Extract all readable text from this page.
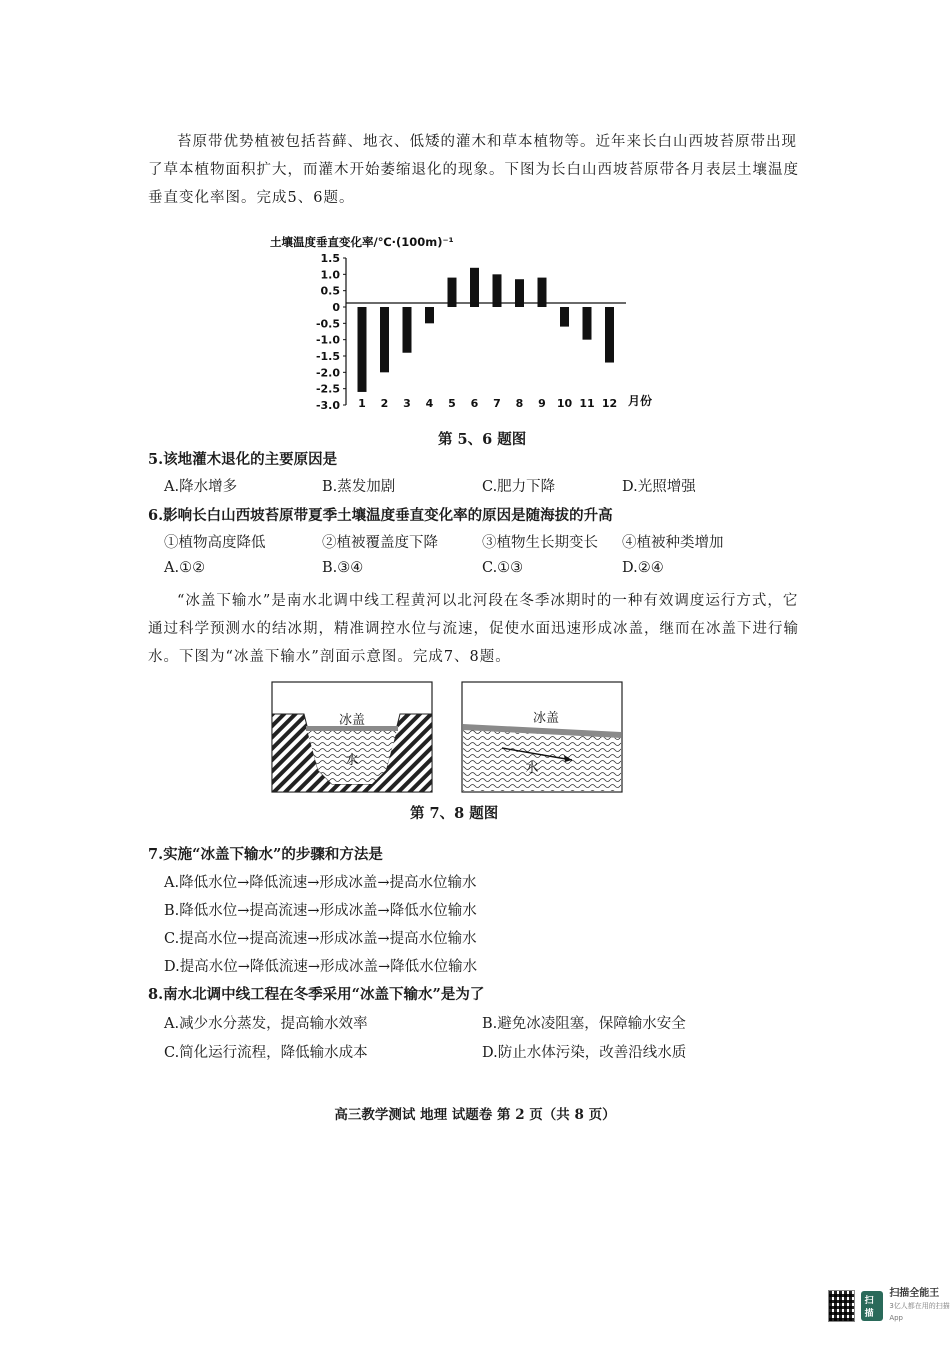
苔原带优势植被包括苔藓、地衣、低矮的灌木和草本植物等。近年来长白山西坡苔原带出现了草本植物面积扩大，而灌木开始萎缩退化的现象。下图为长白山西坡苔原带各月表层土壤温度垂直变化率图。完成5、6题。
土壤温度垂直变化率/℃·(100m)⁻¹
1.5
1.0
0.5
0
-0.5
-1.0
-1.5
-2.0
-2.5
-3.0 1 2 3 4 5 6 7 8 9 10 11 12 月份
第 5、6 题图
5.该地灌木退化的主要原因是
A.降水增多	B.蒸发加剧	C.肥力下降	D.光照增强
6.影响长白山西坡苔原带夏季土壤温度垂直变化率的原因是随海拔的升高
①植物高度降低	②植被覆盖度下降	③植物生长期变长 ④植被种类增加
A.①②	B.③④	C.①③	D.②④
“冰盖下输水”是南水北调中线工程黄河以北河段在冬季冰期时的一种有效调度运行方式，它通过科学预测水的结冰期，精准调控水位与流速，促使水面迅速形成冰盖，继而在冰盖下进行输水。下图为“冰盖下输水”剖面示意图。完成7、8题。
冰盖
水
冰盖
水
第 7、8 题图
7.实施“冰盖下输水”的步骤和方法是
A.降低水位→降低流速→形成冰盖→提高水位输水
B.降低水位→提高流速→形成冰盖→降低水位输水
C.提高水位→提高流速→形成冰盖→提高水位输水
D.提高水位→降低流速→形成冰盖→降低水位输水
8.南水北调中线工程在冬季采用“冰盖下输水”是为了
A.减少水分蒸发，提高输水效率	B.避免冰凌阻塞，保障输水安全
C.简化运行流程，降低输水成本	D.防止水体污染，改善沿线水质
高三教学测试 地理 试题卷 第 2 页（共 8 页）
扫描
扫描全能王
3亿人都在用的扫描App
